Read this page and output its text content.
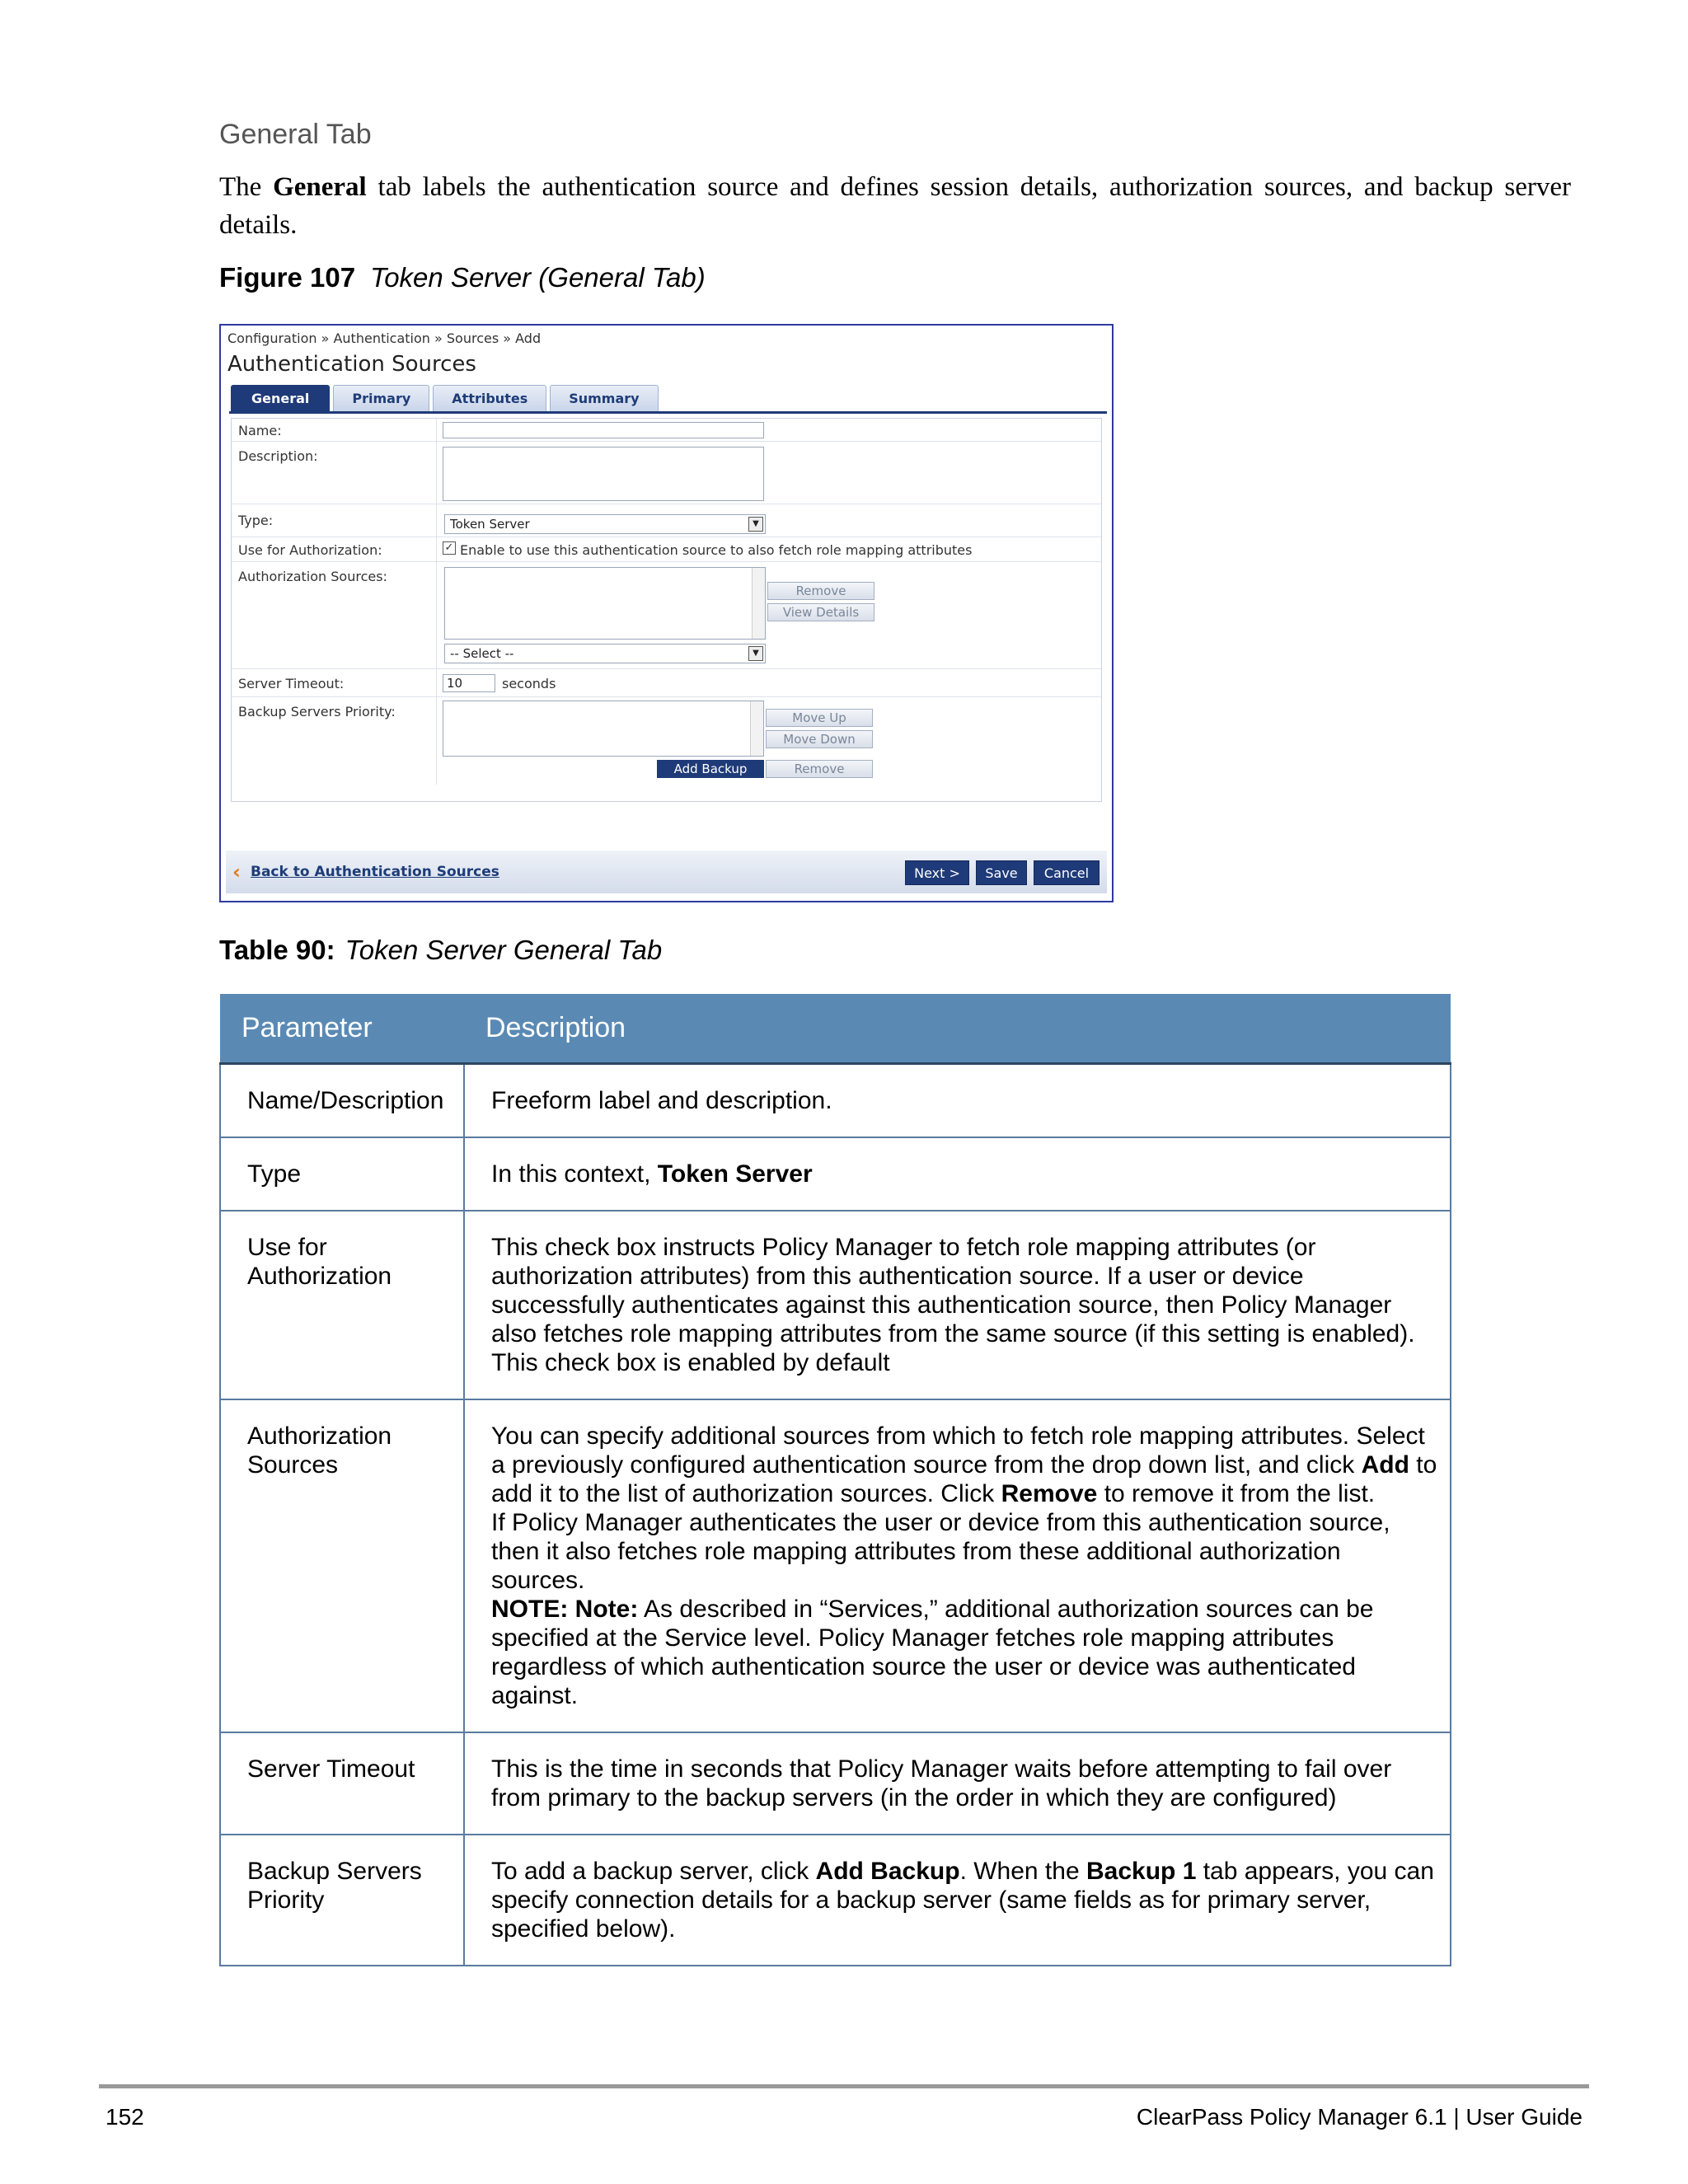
General Tab

The General tab labels the authentication source and defines session details, authorization sources, and backup server details.

Figure 107 Token Server (General Tab)
Configuration » Authentication » Sources » Add
Authentication Sources
General	Primary	Attributes	Summary
Name:
Description:
Type:	Token Server	▼
Use for Authorization:	✓ Enable to use this authentication source to also fetch role mapping attributes
Authorization Sources:
Remove
View Details
-- Select --	▼
Server Timeout:	10	seconds
Backup Servers Priority:	Move Up
Move Down
Add Backup	Remove
‹ Back to Authentication Sources	Next >	Save	Cancel
Table 90: Token Server General Tab
Parameter	Description
Name/Description	Freeform label and description.
Type	In this context, Token Server
Use for Authorization	This check box instructs Policy Manager to fetch role mapping attributes (or authorization attributes) from this authentication source. If a user or device successfully authenticates against this authentication source, then Policy Manager also fetches role mapping attributes from the same source (if this setting is enabled). This check box is enabled by default
Authorization Sources	You can specify additional sources from which to fetch role mapping attributes. Select a previously configured authentication source from the drop down list, and click Add to add it to the list of authorization sources. Click Remove to remove it from the list.

If Policy Manager authenticates the user or device from this authentication source, then it also fetches role mapping attributes from these additional authorization sources.

NOTE: Note: As described in “Services,” additional authorization sources can be specified at the Service level. Policy Manager fetches role mapping attributes regardless of which authentication source the user or device was authenticated against.

Server Timeout	This is the time in seconds that Policy Manager waits before attempting to fail over from primary to the backup servers (in the order in which they are configured)
Backup Servers Priority	To add a backup server, click Add Backup. When the Backup 1 tab appears, you can specify connection details for a backup server (same fields as for primary server, specified below).
152	ClearPass Policy Manager 6.1 | User Guide
